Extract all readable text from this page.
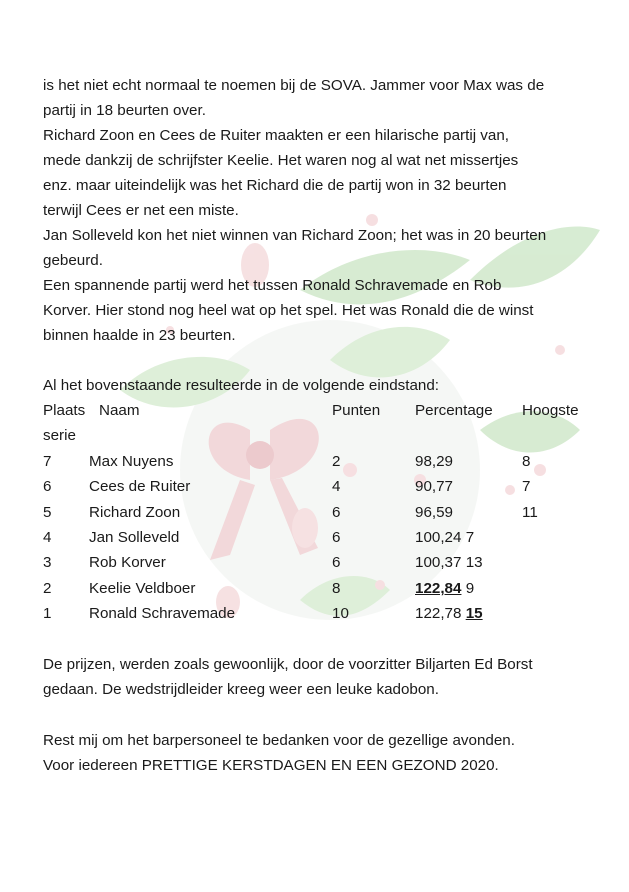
is het niet echt normaal te noemen bij de SOVA. Jammer voor Max was de
partij in 18 beurten over.
Richard Zoon en Cees de Ruiter maakten er een hilarische partij van,
mede dankzij de schrijfster Keelie. Het waren nog al wat net missertjes
enz. maar uiteindelijk was het Richard die de partij won in 32 beurten
terwijl Cees er net een miste.
Jan Solleveld kon het niet winnen van Richard Zoon; het was in 20 beurten
gebeurd.
Een spannende partij werd het tussen Ronald Schravemade en Rob
Korver. Hier stond nog heel wat op het spel. Het was Ronald die de winst
binnen haalde in 23 beurten.
Al het bovenstaande resulteerde in de volgende eindstand:
Plaats Naam	Punten Percentage Hoogste
serie
7 Max Nuyens	2	98,29	8
6 Cees de Ruiter	4	90,77	7
5 Richard Zoon	6	96,59	11
4 Jan Solleveld	6	100,24 7
3 Rob Korver	6	100,37 13
2 Keelie Veldboer	8	122,84 9
1 Ronald Schravemade	10	122,78 15
De prijzen, werden zoals gewoonlijk, door de voorzitter Biljarten Ed Borst
gedaan. De wedstrijdleider kreeg weer een leuke kadobon.
Rest mij om het barpersoneel te bedanken voor de gezellige avonden.
Voor iedereen PRETTIGE KERSTDAGEN EN EEN GEZOND 2020.
